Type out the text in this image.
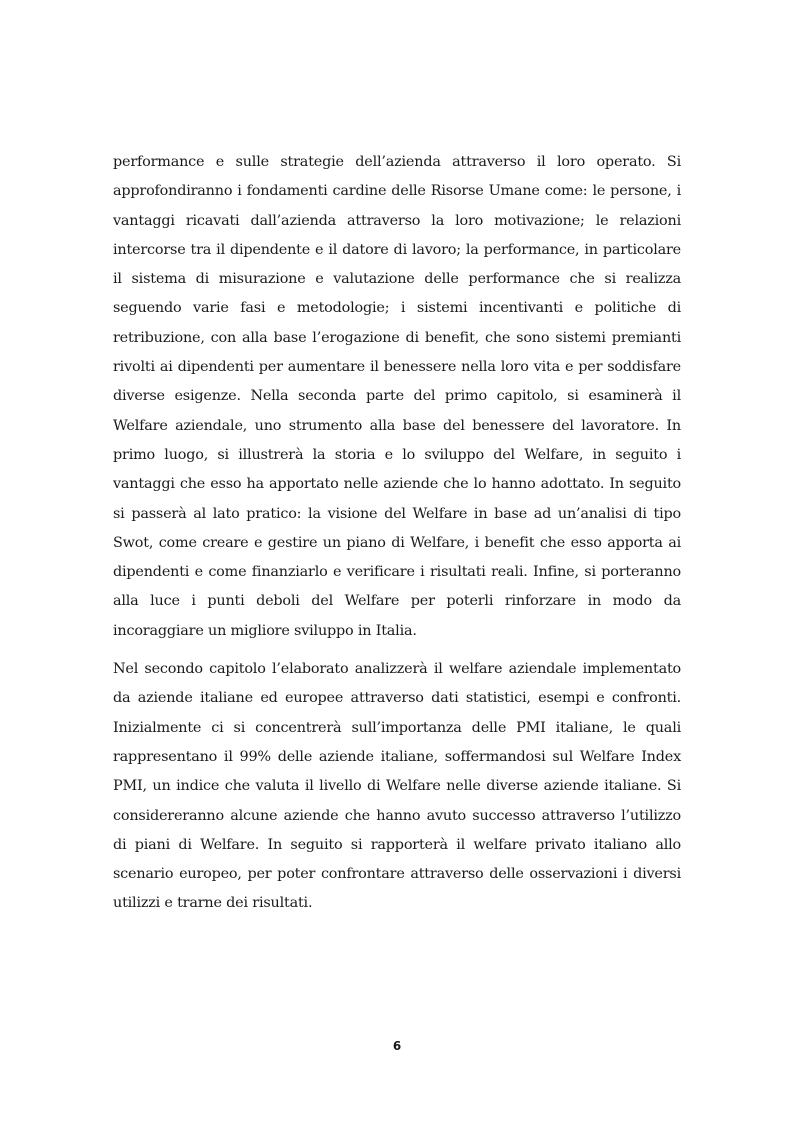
performance e sulle strategie dell’azienda attraverso il loro operato. Si approfondiranno i fondamenti cardine delle Risorse Umane come: le persone, i vantaggi ricavati dall’azienda attraverso la loro motivazione; le relazioni intercorse tra il dipendente e il datore di lavoro; la performance, in particolare il sistema di misurazione e valutazione delle performance che si realizza seguendo varie fasi e metodologie; i sistemi incentivanti e politiche di retribuzione, con alla base l’erogazione di benefit, che sono sistemi premianti rivolti ai dipendenti per aumentare il benessere nella loro vita e per soddisfare diverse esigenze. Nella seconda parte del primo capitolo, si esaminerà il Welfare aziendale, uno strumento alla base del benessere del lavoratore. In primo luogo, si illustrerà la storia e lo sviluppo del Welfare, in seguito i vantaggi che esso ha apportato nelle aziende che lo hanno adottato. In seguito si passerà al lato pratico: la visione del Welfare in base ad un’analisi di tipo Swot, come creare e gestire un piano di Welfare, i benefit che esso apporta ai dipendenti e come finanziarlo e verificare i risultati reali. Infine, si porteranno alla luce i punti deboli del Welfare per poterli rinforzare in modo da incoraggiare un migliore sviluppo in Italia.

Nel secondo capitolo l’elaborato analizzerà il welfare aziendale implementato da aziende italiane ed europee attraverso dati statistici, esempi e confronti. Inizialmente ci si concentrerà sull’importanza delle PMI italiane, le quali rappresentano il 99% delle aziende italiane, soffermandosi sul Welfare Index PMI, un indice che valuta il livello di Welfare nelle diverse aziende italiane. Si considereranno alcune aziende che hanno avuto successo attraverso l’utilizzo di piani di Welfare. In seguito si rapporterà il welfare privato italiano allo scenario europeo, per poter confrontare attraverso delle osservazioni i diversi utilizzi e trarne dei risultati.

6
